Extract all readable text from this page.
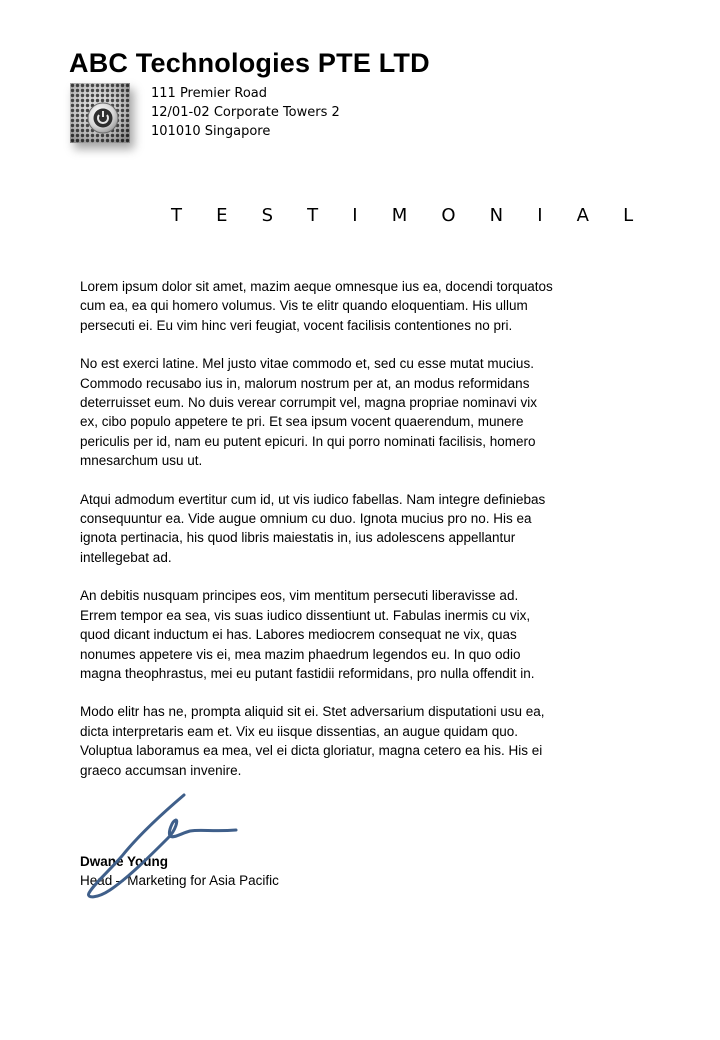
ABC Technologies PTE LTD
111 Premier Road
12/01-02 Corporate Towers 2
101010 Singapore
T E S T I M O N I A L
Lorem ipsum dolor sit amet, mazim aeque omnesque ius ea, docendi torquatos
cum ea, ea qui homero volumus. Vis te elitr quando eloquentiam. His ullum
persecuti ei. Eu vim hinc veri feugiat, vocent facilisis contentiones no pri.
No est exerci latine. Mel justo vitae commodo et, sed cu esse mutat mucius.
Commodo recusabo ius in, malorum nostrum per at, an modus reformidans
deterruisset eum. No duis verear corrumpit vel, magna propriae nominavi vix
ex, cibo populo appetere te pri. Et sea ipsum vocent quaerendum, munere
periculis per id, nam eu putent epicuri. In qui porro nominati facilisis, homero
mnesarchum usu ut.
Atqui admodum evertitur cum id, ut vis iudico fabellas. Nam integre definiebas
consequuntur ea. Vide augue omnium cu duo. Ignota mucius pro no. His ea
ignota pertinacia, his quod libris maiestatis in, ius adolescens appellantur
intellegebat ad.
An debitis nusquam principes eos, vim mentitum persecuti liberavisse ad.
Errem tempor ea sea, vis suas iudico dissentiunt ut. Fabulas inermis cu vix,
quod dicant inductum ei has. Labores mediocrem consequat ne vix, quas
nonumes appetere vis ei, mea mazim phaedrum legendos eu. In quo odio
magna theophrastus, mei eu putant fastidii reformidans, pro nulla offendit in.
Modo elitr has ne, prompta aliquid sit ei. Stet adversarium disputationi usu ea,
dicta interpretaris eam et. Vix eu iisque dissentias, an augue quidam quo.
Voluptua laboramus ea mea, vel ei dicta gloriatur, magna cetero ea his. His ei
graeco accumsan invenire.
Dwane Young
Head – Marketing for Asia Pacific
